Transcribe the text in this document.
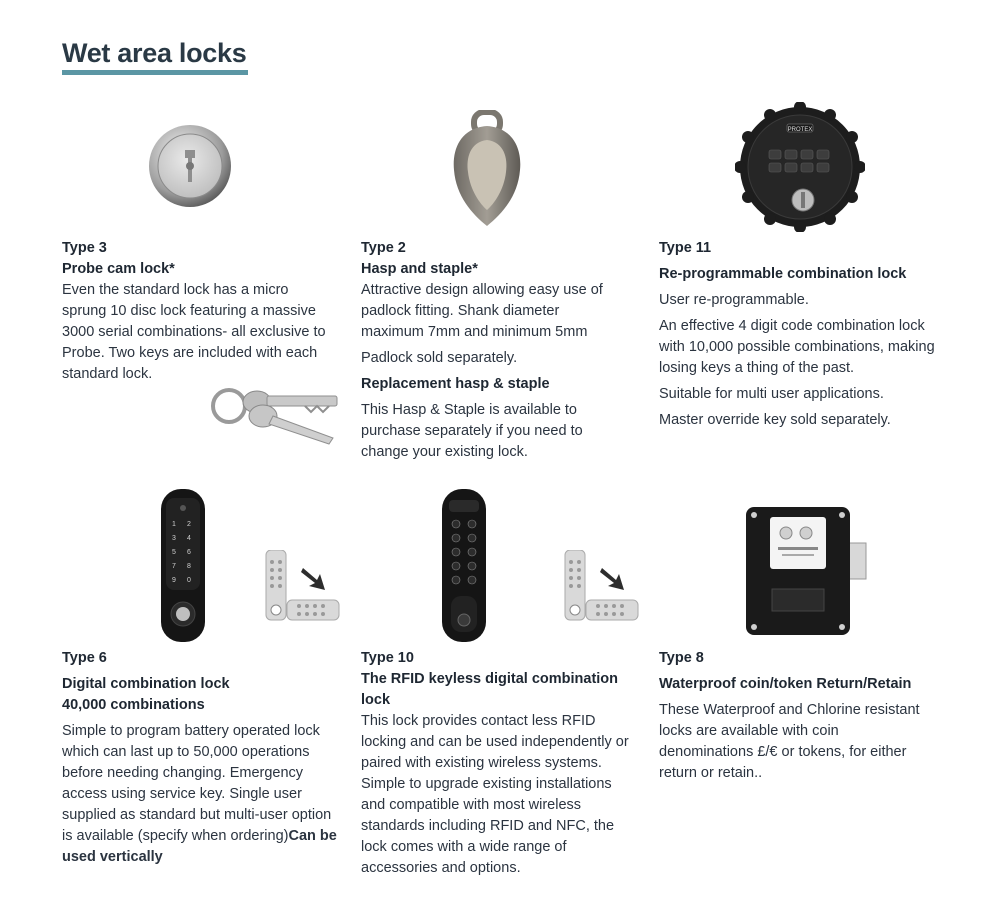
Wet area locks
PROTEX
Type 3
Probe cam lock*

Even the standard lock has a micro sprung 10 disc lock featuring a massive 3000 serial combinations- all exclusive to Probe. Two keys are included with each standard lock.

Type 2
Hasp and staple*

Attractive design allowing easy use of padlock fitting. Shank diameter maximum 7mm and minimum 5mm

Padlock sold separately.

Replacement hasp & staple

This Hasp & Staple is available to purchase separately if you need to change your existing lock.

Type 11
Re-programmable combination lock

User re-programmable.

An effective 4 digit code combination lock with 10,000 possible combinations, making losing keys a thing of the past.

Suitable for multi user applications.

Master override key sold separately.

1 2
3 4
5 6
7 8
9 0
Type 6
Digital combination lock
40,000 combinations

Simple to program battery operated lock which can last up to 50,000 operations before needing changing. Emergency access using service key. Single user supplied as standard but multi-user option is available (specify when ordering)Can be used vertically

Type 10
The RFID keyless digital combination lock

This lock provides contact less RFID locking and can be used independently or paired with existing wireless systems. Simple to upgrade existing installations and compatible with most wireless standards including RFID and NFC, the lock comes with a wide range of accessories and options.

Type 8
Waterproof coin/token Return/Retain

These Waterproof and Chlorine resistant locks are available with coin denominations £/€ or tokens, for either return or retain..
